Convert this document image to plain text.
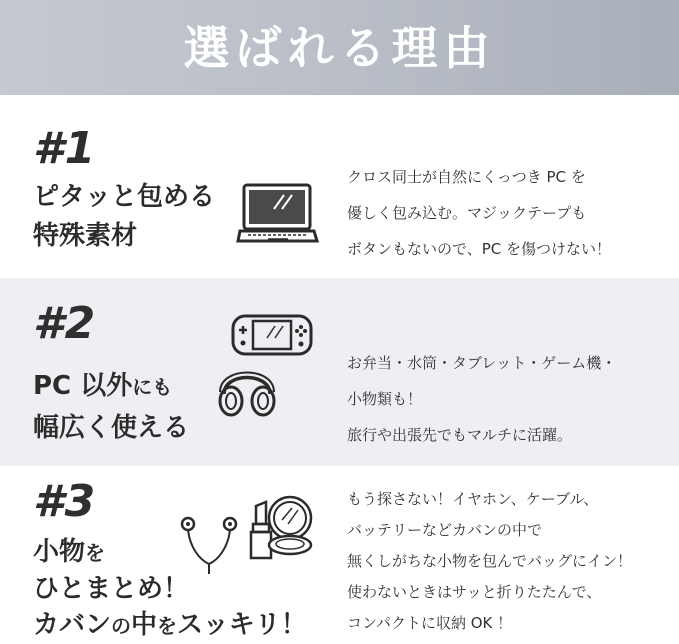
選ばれる理由
#1
ピタッと包める
特殊素材
クロス同士が自然にくっつき PC を
優しく包み込む。マジックテープも
ボタンもないので、PC を傷つけない！
#2
PC 以外にも
幅広く使える
お弁当・水筒・タブレット・ゲーム機・
小物類も！
旅行や出張先でもマルチに活躍。
#3
小物を
ひとまとめ！
カバンの中をスッキリ！
もう探さない！イヤホン、ケーブル、
バッテリーなどカバンの中で
無くしがちな小物を包んでバッグにイン！
使わないときはサッと折りたたんで、
コンパクトに収納 OK ！
